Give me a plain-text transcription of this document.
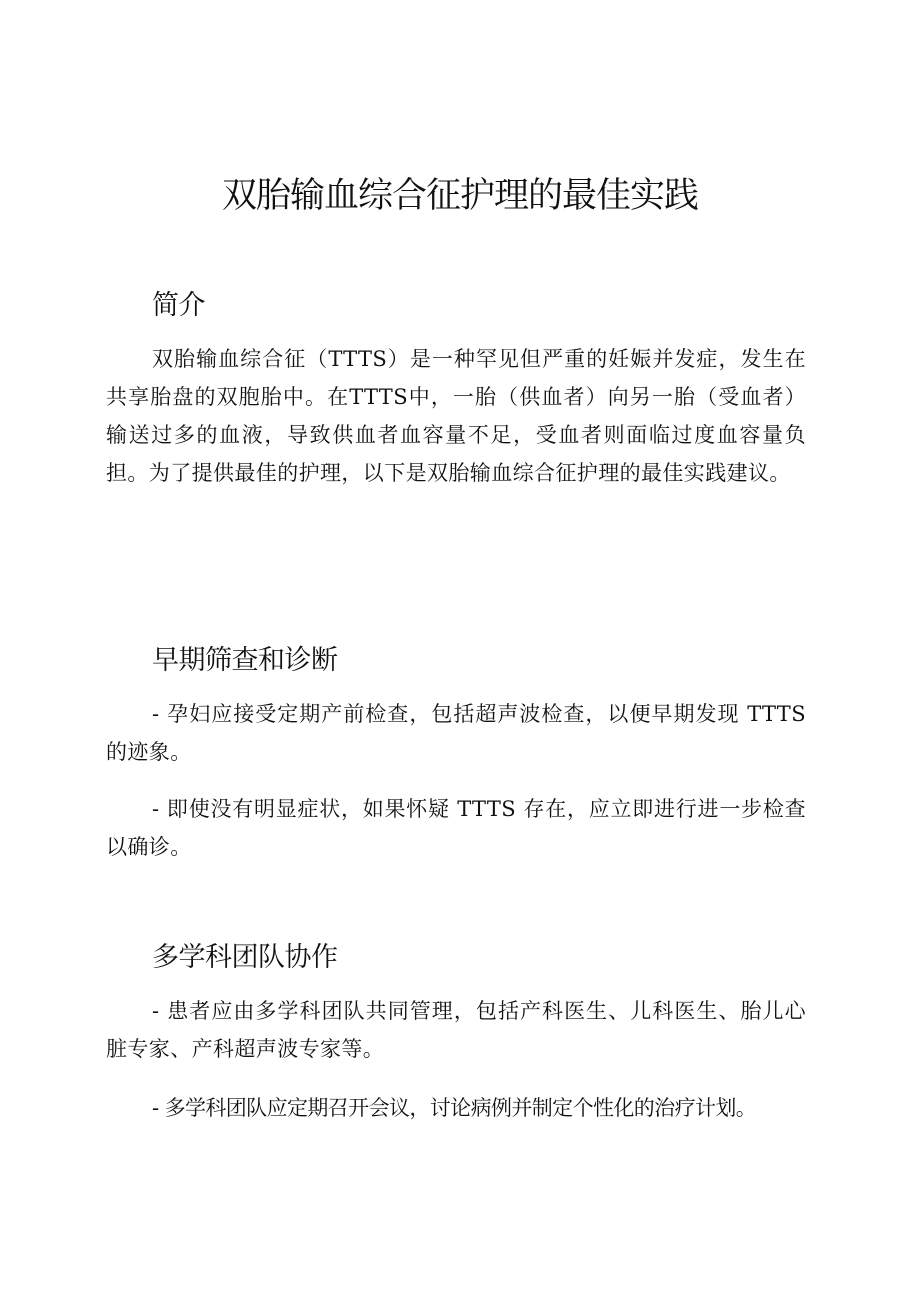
双胎输血综合征护理的最佳实践
简介

双胎输血综合征（TTTS）是一种罕见但严重的妊娠并发症，发生在共享胎盘的双胞胎中。在TTTS中，一胎（供血者）向另一胎（受血者）输送过多的血液，导致供血者血容量不足，受血者则面临过度血容量负担。为了提供最佳的护理，以下是双胎输血综合征护理的最佳实践建议。

早期筛查和诊断

- 孕妇应接受定期产前检查，包括超声波检查，以便早期发现 TTTS 的迹象。

- 即使没有明显症状，如果怀疑 TTTS 存在，应立即进行进一步检查以确诊。

多学科团队协作

- 患者应由多学科团队共同管理，包括产科医生、儿科医生、胎儿心脏专家、产科超声波专家等。

- 多学科团队应定期召开会议，讨论病例并制定个性化的治疗计划。
